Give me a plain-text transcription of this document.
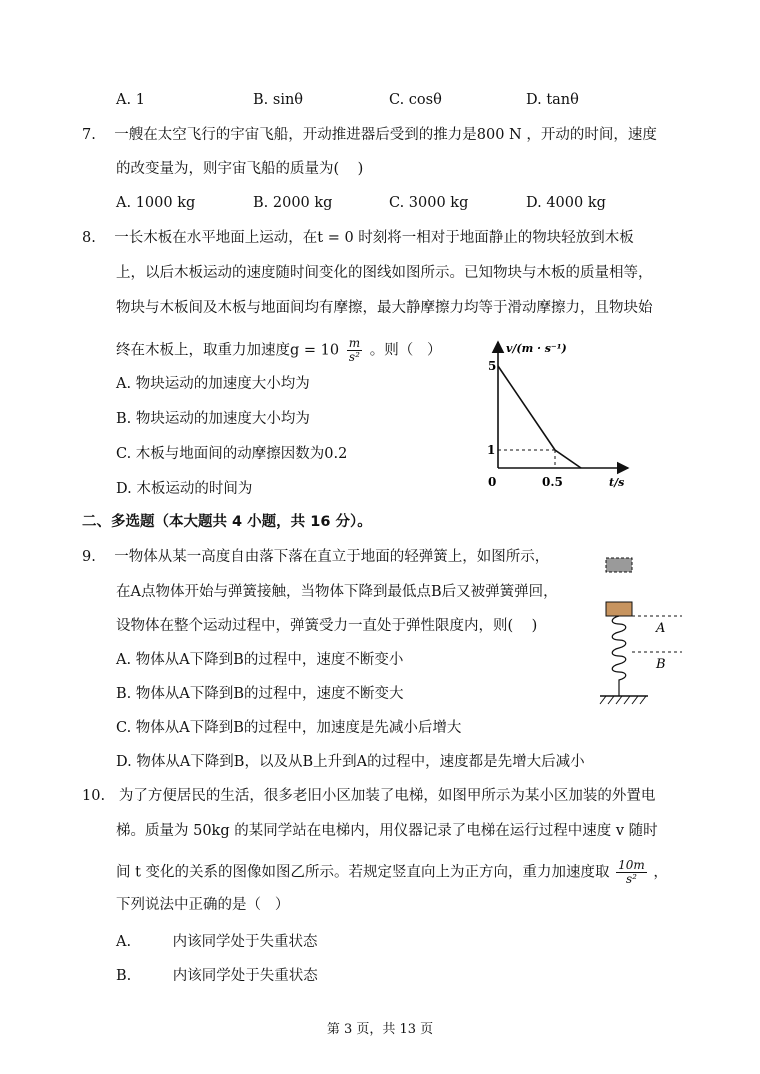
A. 1	B. sinθ	C. cosθ	D. tanθ
7.    一艘在太空飞行的宇宙飞船，开动推进器后受到的推力是800 N ，开动的时间，速度
的改变量为，则宇宙飞船的质量为(    )
A. 1000 kg	B. 2000 kg	C. 3000 kg	D. 4000 kg
8.    一长木板在水平地面上运动，在t = 0 时刻将一相对于地面静止的物块轻放到木板
上，以后木板运动的速度随时间变化的图线如图所示。已知物块与木板的质量相等，
物块与木板间及木板与地面间均有摩擦，最大静摩擦力均等于滑动摩擦力，且物块始
终在木板上，取重力加速度$g = 10 \frac{m}{\text{s²}}$ 。则（   ）
A. 物块运动的加速度大小均为
B. 物块运动的加速度大小均为
C. 木板与地面间的动摩擦因数为0.2
D. 木板运动的时间为
v/(m · s⁻¹)
5
1
0	0.5	t/s
二、多选题（本大题共 4 小题，共 16 分）。
9.    一物体从某一高度自由落下落在直立于地面的轻弹簧上，如图所示，
在A点物体开始与弹簧接触，当物体下降到最低点B后又被弹簧弹回，
设物体在整个运动过程中，弹簧受力一直处于弹性限度内，则(    )
A. 物体从A下降到B的过程中，速度不断变小
B. 物体从A下降到B的过程中，速度不断变大
C. 物体从A下降到B的过程中，加速度是先减小后增大
D. 物体从A下降到B，以及从B上升到A的过程中，速度都是先增大后减小
A
B
10.   为了方便居民的生活，很多老旧小区加装了电梯，如图甲所示为某小区加装的外置电
梯。质量为 50kg 的某同学站在电梯内，用仪器记录了电梯在运行过程中速度 v 随时
间 t 变化的关系的图像如图乙所示。若规定竖直向上为正方向，重力加速度取 $\frac{10m}{\text{s²}}$ ，
下列说法中正确的是（   ）
A.         内该同学处于失重状态
B.         内该同学处于失重状态
第 3 页，共 13 页
